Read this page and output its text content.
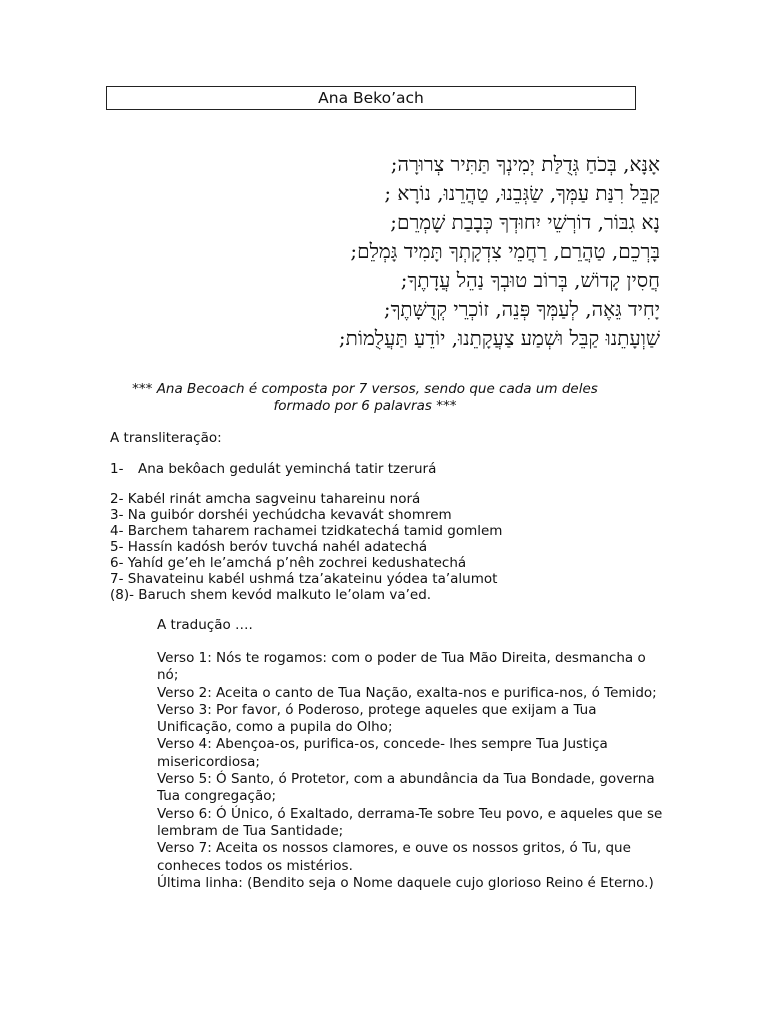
Ana Beko’ach
אָנָּא, בְּכֹחַ גְּדֻלַּת יְמִינְךָ תַּתִּיר צְרוּרָה;
קַבֵּל רִנַּת עַמְּךָ, שַׂגְּבֵנוּ, טַהֲרֵנוּ, נוֹרָא ;
נָא גִבּוֹר, דוֹרְשֵׁי יִחוּדְךָ כְּבָבַת שָׁמְרֵם;
בָּרְכֵם, טַהֲרֵם, רַחֲמֵי צִדְקָתְךָ תָּמִיד גָּמְלֵם;
חֲסִין קָדוֹשׁ, בְּרוֹב טוּבְךָ נַהֵל עֲדָתֶךָ;
יָחִיד גֵּאֶה, לְעַמְּךָ פְּנֵה, זוֹכְרֵי קְדֻשָּׁתֶךָ;
שַׁוְעָתֵנוּ קַבֵּל וּשְׁמַע צַעֲקָתֵנוּ, יוֹדֵעַ תַּעֲלֻמוֹת;
*** Ana Becoach é composta por 7 versos, sendo que cada um deles
formado por 6 palavras ***
A transliteração:
1- Ana bekôach gedulát yeminchá tatir tzerurá
2- Kabél rinát amcha sagveinu tahareinu norá
3- Na guibór dorshéi yechúdcha kevavát shomrem
4- Barchem taharem rachamei tzidkatechá tamid gomlem
5- Hassín kadósh beróv tuvchá nahél adatechá
6- Yahíd ge’eh le’amchá p’nêh zochrei kedushatechá
7- Shavateinu kabél ushmá tza’akateinu yódea ta’alumot
(8)- Baruch shem kevód malkuto le’olam va’ed.
A tradução ….
Verso 1: Nós te rogamos: com o poder de Tua Mão Direita, desmancha o nó;
Verso 2: Aceita o canto de Tua Nação, exalta-nos e purifica-nos, ó Temido;
Verso 3: Por favor, ó Poderoso, protege aqueles que exijam a Tua Unificação, como a pupila do Olho;
Verso 4: Abençoa-os, purifica-os, concede- lhes sempre Tua Justiça misericordiosa;
Verso 5: Ó Santo, ó Protetor, com a abundância da Tua Bondade, governa Tua congregação;
Verso 6: Ó Único, ó Exaltado, derrama-Te sobre Teu povo, e aqueles que se lembram de Tua Santidade;
Verso 7: Aceita os nossos clamores, e ouve os nossos gritos, ó Tu, que conheces todos os mistérios.
Última linha: (Bendito seja o Nome daquele cujo glorioso Reino é Eterno.)
